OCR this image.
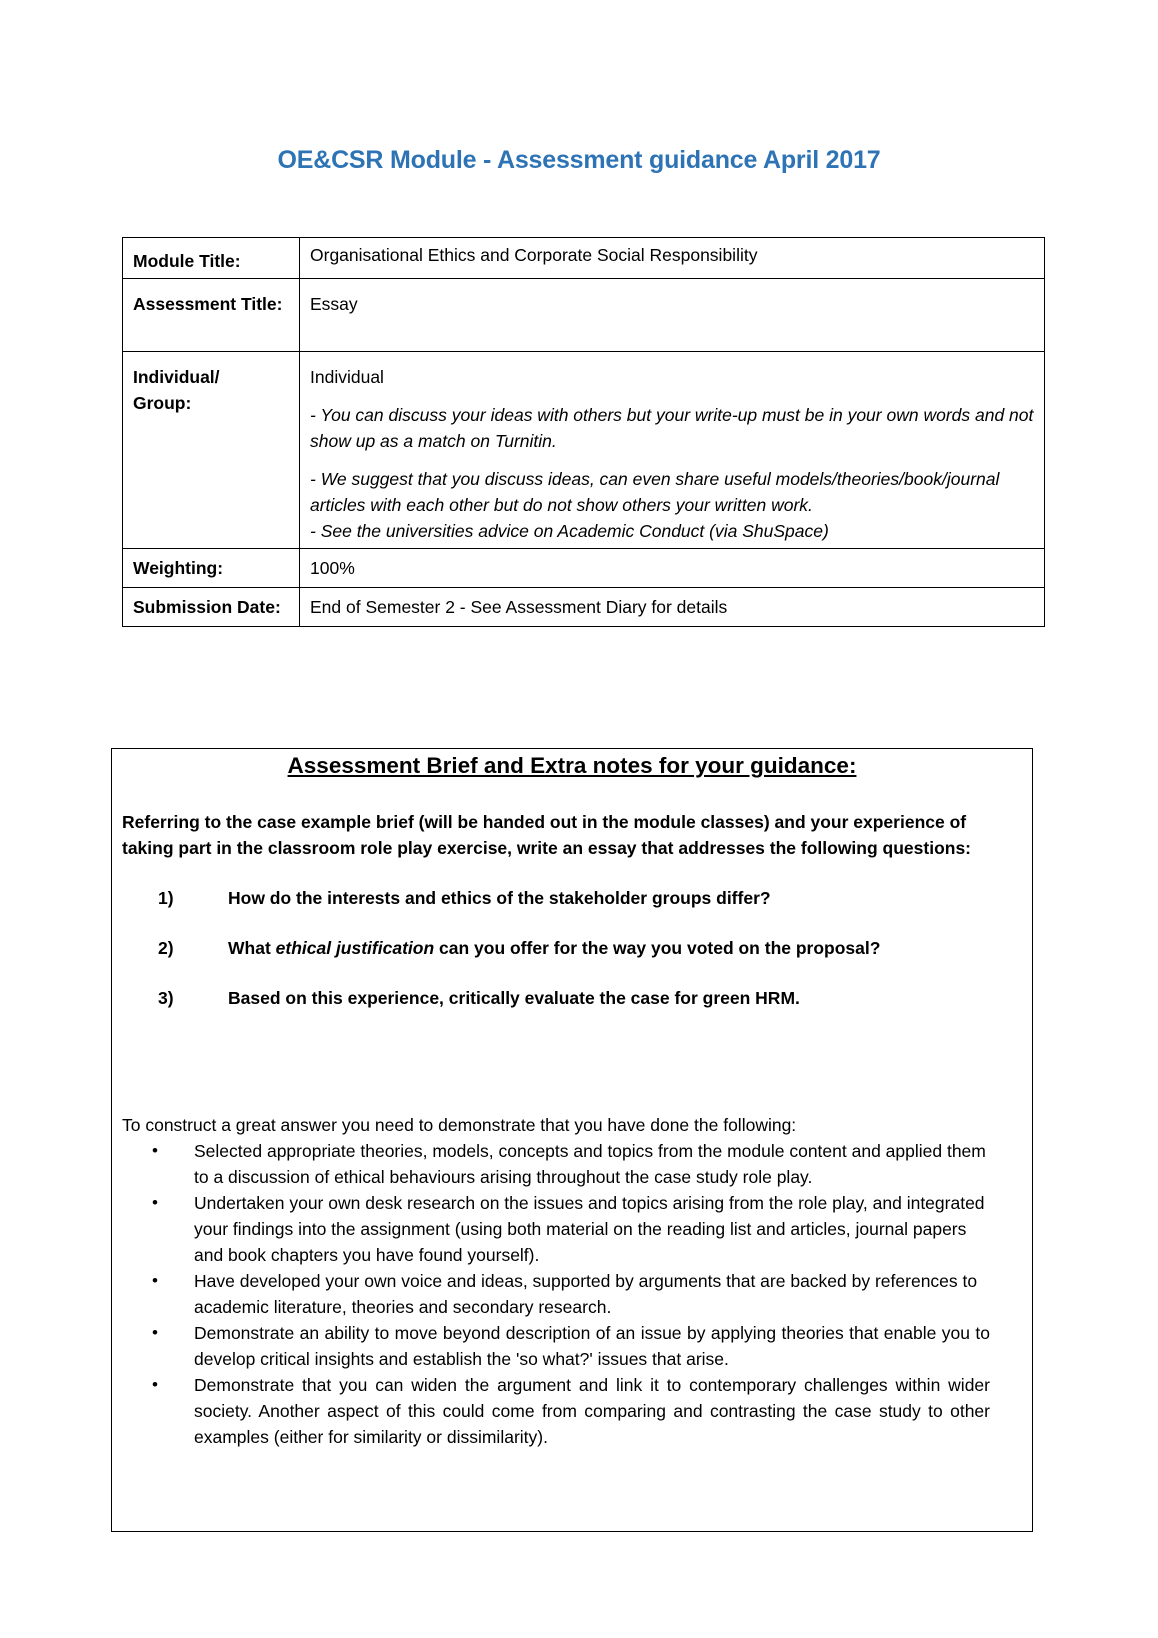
OE&CSR Module - Assessment guidance April 2017
Module Title:	Organisational Ethics and Corporate Social Responsibility
Assessment Title:	Essay

Individual/ Group:	Individual

- You can discuss your ideas with others but your write-up must be in your own words and not show up as a match on Turnitin.

- We suggest that you discuss ideas, can even share useful models/theories/book/journal articles with each other but do not show others your written work.

- See the universities advice on Academic Conduct (via ShuSpace)

Weighting:	100%
Submission Date:	End of Semester 2 - See Assessment Diary for details
Assessment Brief and Extra notes for your guidance:
Referring to the case example brief (will be handed out in the module classes) and your experience of taking part in the classroom role play exercise, write an essay that addresses the following questions:
1)	How do the interests and ethics of the stakeholder groups differ?
2)	What ethical justification can you offer for the way you voted on the proposal?
3)	Based on this experience, critically evaluate the case for green HRM.
To construct a great answer you need to demonstrate that you have done the following:
• Selected appropriate theories, models, concepts and topics from the module content and applied them to a discussion of ethical behaviours arising throughout the case study role play.
• Undertaken your own desk research on the issues and topics arising from the role play, and integrated your findings into the assignment (using both material on the reading list and articles, journal papers and book chapters you have found yourself).
• Have developed your own voice and ideas, supported by arguments that are backed by references to academic literature, theories and secondary research.
• Demonstrate an ability to move beyond description of an issue by applying theories that enable you to develop critical insights and establish the 'so what?' issues that arise.
• Demonstrate that you can widen the argument and link it to contemporary challenges within wider society. Another aspect of this could come from comparing and contrasting the case study to other examples (either for similarity or dissimilarity).
